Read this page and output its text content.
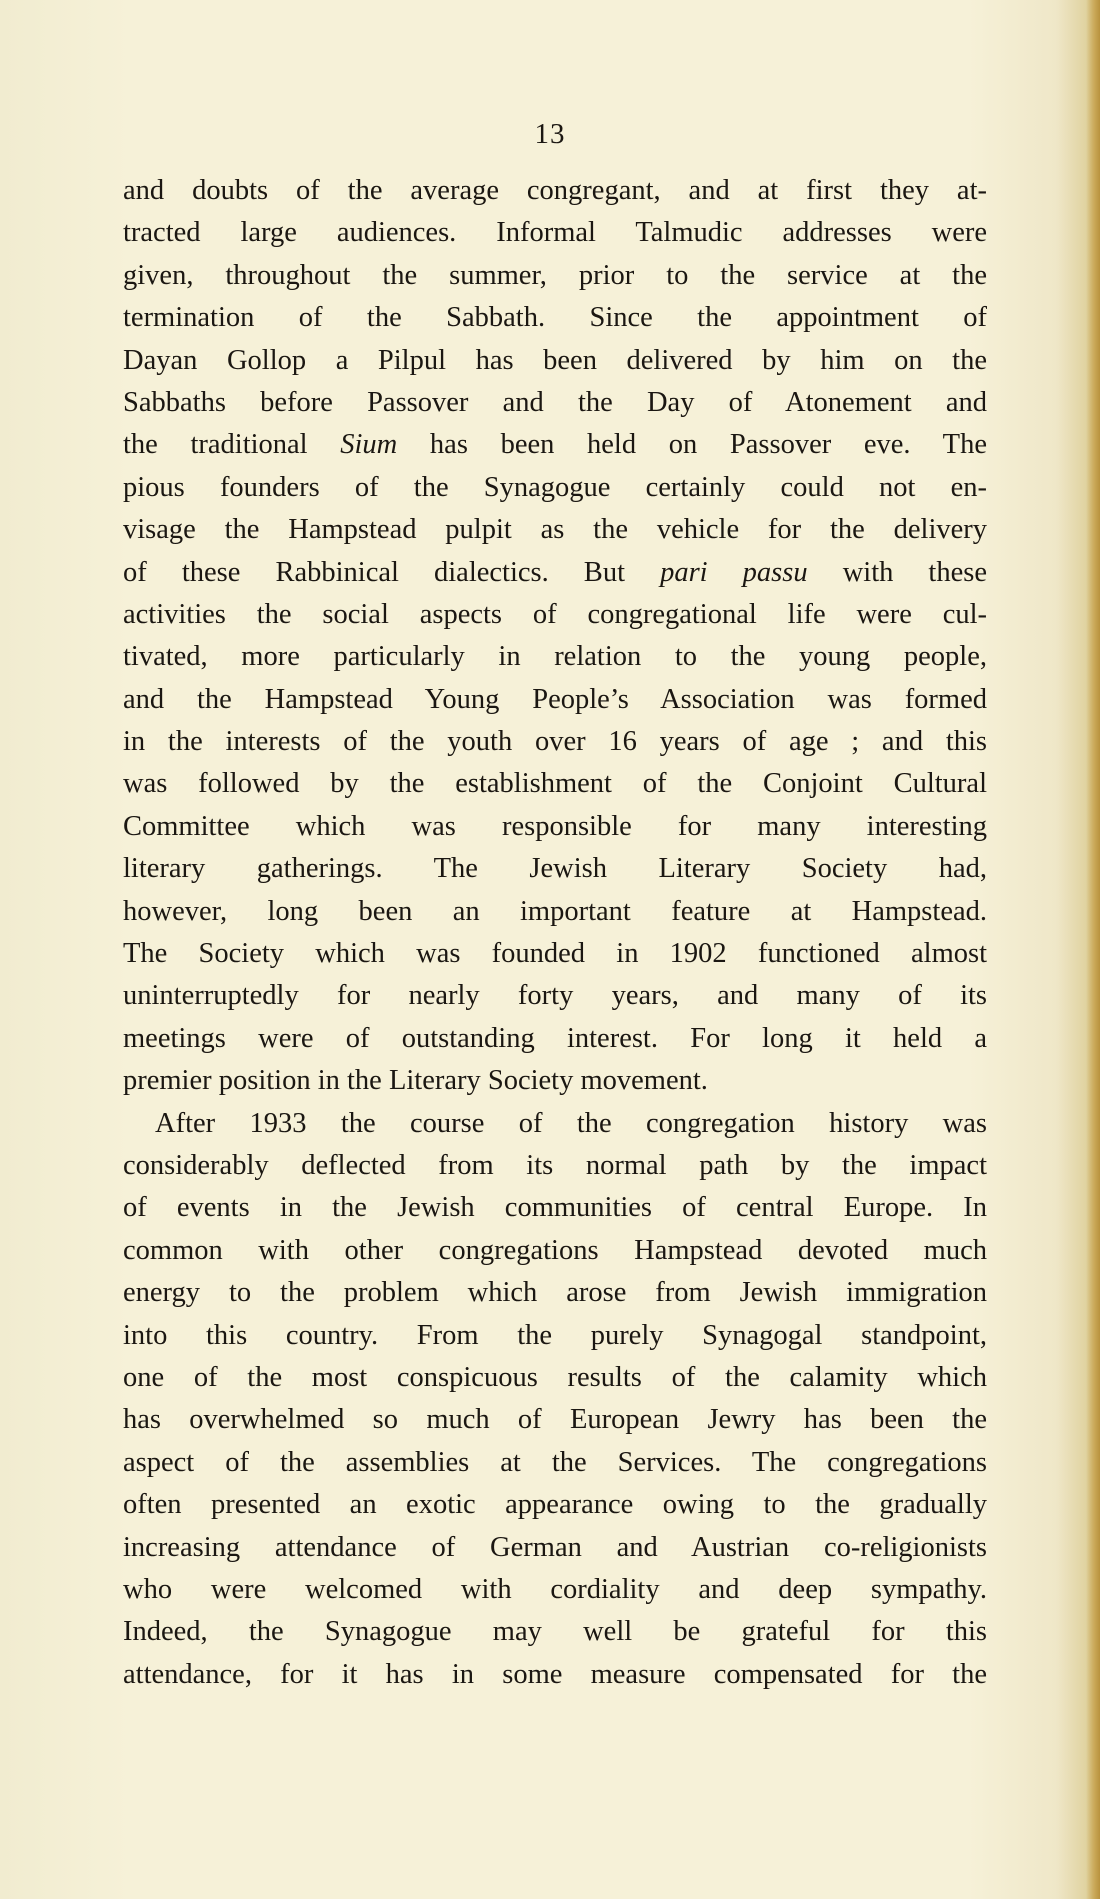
13
and doubts of the average congregant, and at first they at-
tracted large audiences. Informal Talmudic addresses were
given, throughout the summer, prior to the service at the
termination of the Sabbath. Since the appointment of
Dayan Gollop a Pilpul has been delivered by him on the
Sabbaths before Passover and the Day of Atonement and
the traditional Sium has been held on Passover eve. The
pious founders of the Synagogue certainly could not en-
visage the Hampstead pulpit as the vehicle for the delivery
of these Rabbinical dialectics. But pari passu with these
activities the social aspects of congregational life were cul-
tivated, more particularly in relation to the young people,
and the Hampstead Young People’s Association was formed
in the interests of the youth over 16 years of age ; and this
was followed by the establishment of the Conjoint Cultural
Committee which was responsible for many interesting
literary gatherings. The Jewish Literary Society had,
however, long been an important feature at Hampstead.
The Society which was founded in 1902 functioned almost
uninterruptedly for nearly forty years, and many of its
meetings were of outstanding interest. For long it held a
premier position in the Literary Society movement.
After 1933 the course of the congregation history was
considerably deflected from its normal path by the impact
of events in the Jewish communities of central Europe. In
common with other congregations Hampstead devoted much
energy to the problem which arose from Jewish immigration
into this country. From the purely Synagogal standpoint,
one of the most conspicuous results of the calamity which
has overwhelmed so much of European Jewry has been the
aspect of the assemblies at the Services. The congregations
often presented an exotic appearance owing to the gradually
increasing attendance of German and Austrian co-religionists
who were welcomed with cordiality and deep sympathy.
Indeed, the Synagogue may well be grateful for this
attendance, for it has in some measure compensated for the
